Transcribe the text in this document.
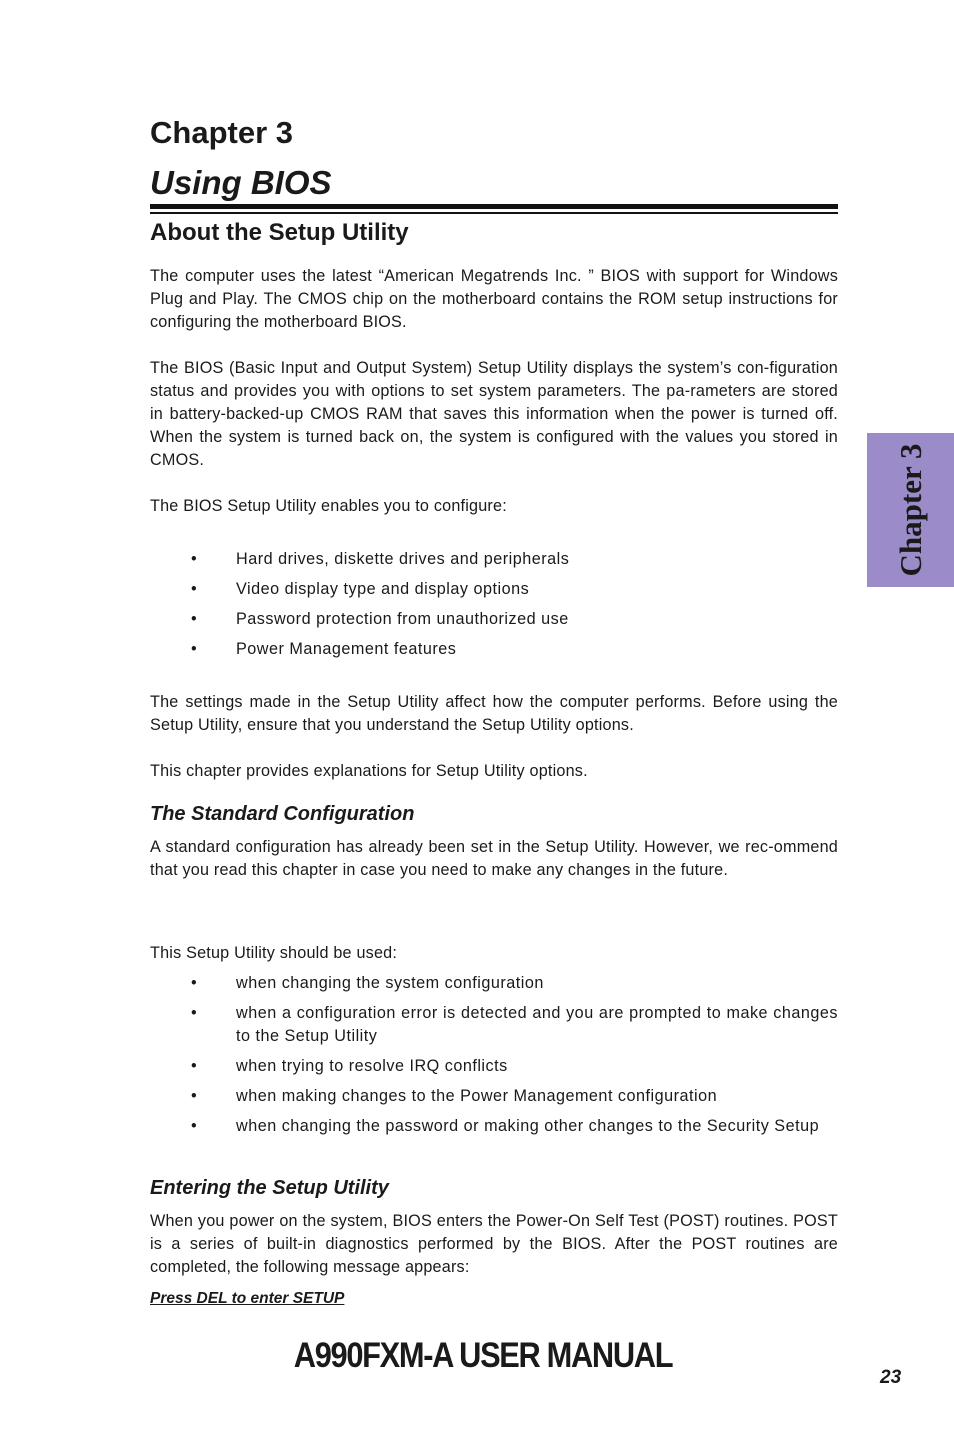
Chapter 3
Using BIOS
About the Setup Utility

The computer uses the latest “American Megatrends Inc. ” BIOS with support for Windows Plug and Play. The CMOS chip on the motherboard contains the ROM setup instructions for configuring the motherboard BIOS.

The BIOS (Basic Input and Output System) Setup Utility displays the system’s con-figuration status and provides you with options to set system parameters. The pa-rameters are stored in battery-backed-up CMOS RAM that saves this information when the power is turned off. When the system is turned back on, the system is configured with the values you stored in CMOS.

The BIOS Setup Utility enables you to configure:

• Hard drives, diskette drives and peripherals
• Video display type and display options
• Password protection from unauthorized use
• Power Management features

The settings made in the Setup Utility affect how the computer performs. Before using the Setup Utility, ensure that you understand the Setup Utility options.

This chapter provides explanations for Setup Utility options.

The Standard Configuration

A standard configuration has already been set in the Setup Utility. However, we rec-ommend that you read this chapter in case you need to make any changes in the future.

This Setup Utility should be used:

• when changing the system configuration
• when a configuration error is detected and you are prompted to make changes to the Setup Utility
• when trying to resolve IRQ conflicts
• when making changes to the Power Management configuration
• when changing the password or making other changes to the Security Setup
Entering the Setup Utility

When you power on the system, BIOS enters the Power-On Self Test (POST) routines. POST is a series of built-in diagnostics performed by the BIOS. After the POST routines are completed, the following message appears:

Press DEL to enter SETUP

Chapter 3
A990FXM-A USER MANUAL
23
